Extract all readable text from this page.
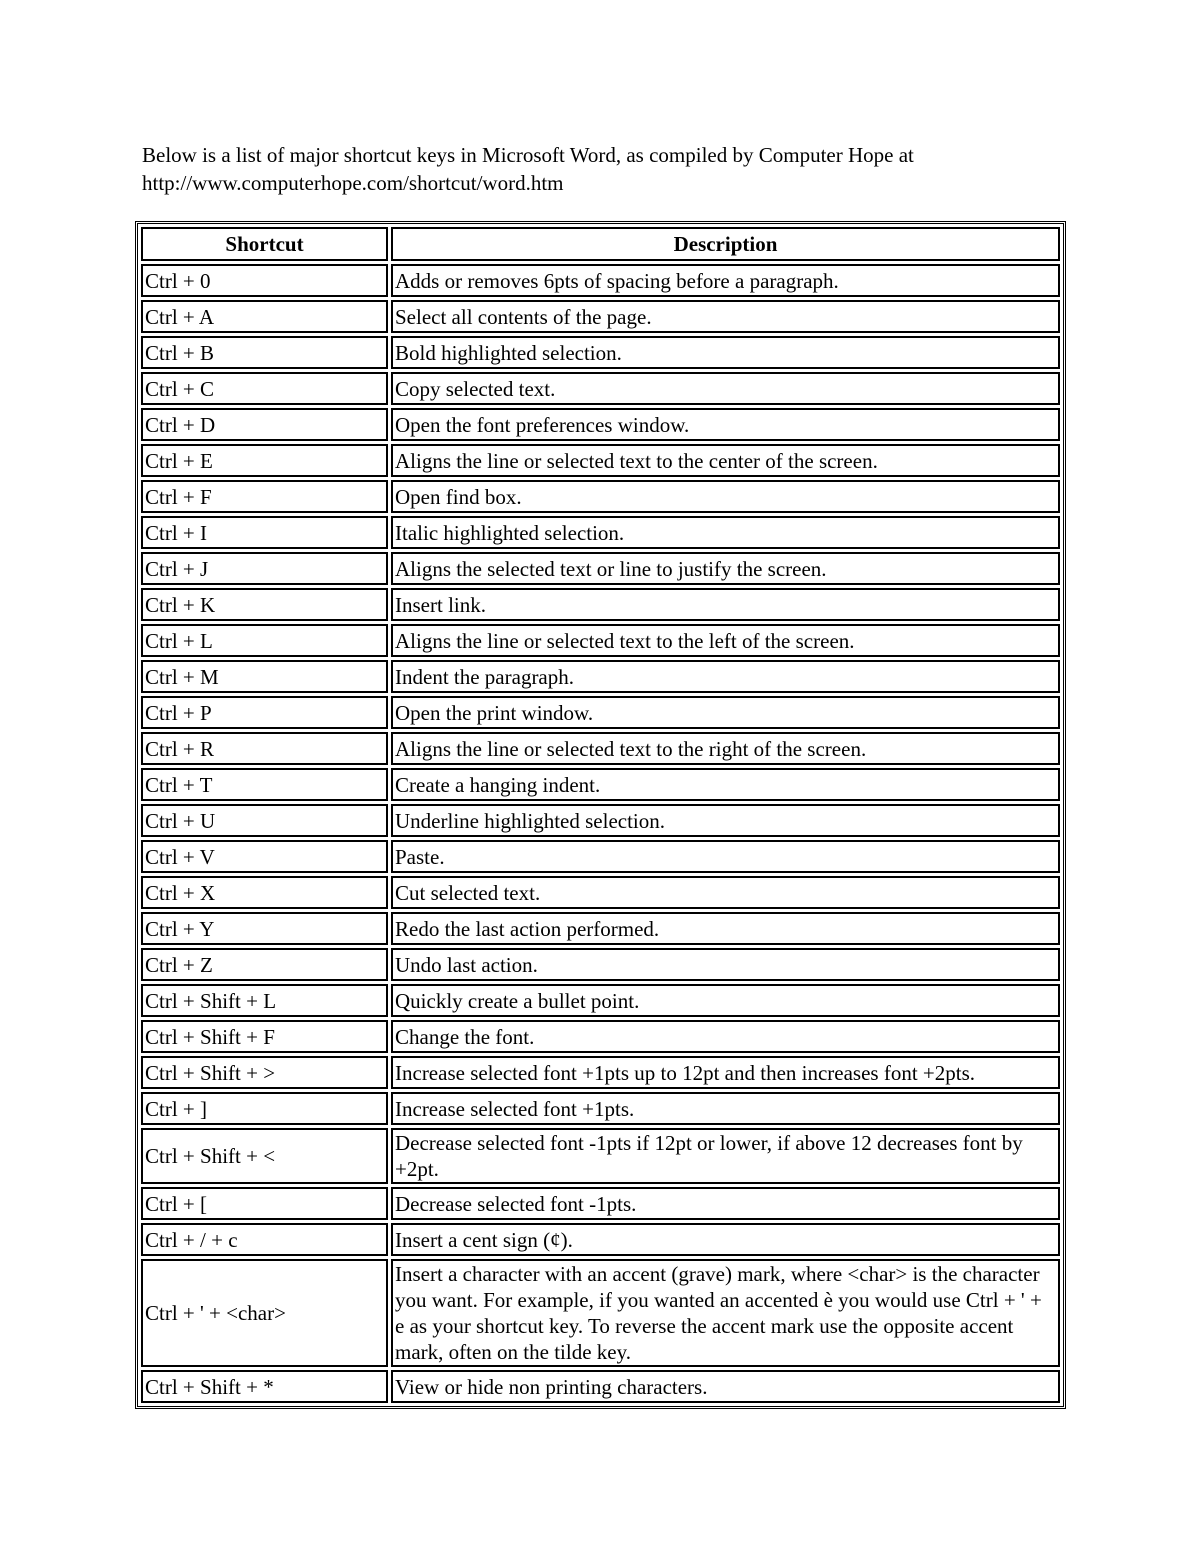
Below is a list of major shortcut keys in Microsoft Word, as compiled by Computer Hope at

http://www.computerhope.com/shortcut/word.htm

Shortcut	Description
Ctrl + 0	Adds or removes 6pts of spacing before a paragraph.
Ctrl + A	Select all contents of the page.
Ctrl + B	Bold highlighted selection.
Ctrl + C	Copy selected text.
Ctrl + D	Open the font preferences window.
Ctrl + E	Aligns the line or selected text to the center of the screen.
Ctrl + F	Open find box.
Ctrl + I	Italic highlighted selection.
Ctrl + J	Aligns the selected text or line to justify the screen.
Ctrl + K	Insert link.
Ctrl + L	Aligns the line or selected text to the left of the screen.
Ctrl + M	Indent the paragraph.
Ctrl + P	Open the print window.
Ctrl + R	Aligns the line or selected text to the right of the screen.
Ctrl + T	Create a hanging indent.
Ctrl + U	Underline highlighted selection.
Ctrl + V	Paste.
Ctrl + X	Cut selected text.
Ctrl + Y	Redo the last action performed.
Ctrl + Z	Undo last action.
Ctrl + Shift + L	Quickly create a bullet point.
Ctrl + Shift + F	Change the font.
Ctrl + Shift + >	Increase selected font +1pts up to 12pt and then increases font +2pts.
Ctrl + ]	Increase selected font +1pts.
Ctrl + Shift + <	Decrease selected font -1pts if 12pt or lower, if above 12 decreases font by +2pt.
Ctrl + [	Decrease selected font -1pts.
Ctrl + / + c	Insert a cent sign (¢).
Ctrl + ' + <char>	Insert a character with an accent (grave) mark, where <char> is the character you want. For example, if you wanted an accented è you would use Ctrl + ' + e as your shortcut key. To reverse the accent mark use the opposite accent mark, often on the tilde key.
Ctrl + Shift + *	View or hide non printing characters.
